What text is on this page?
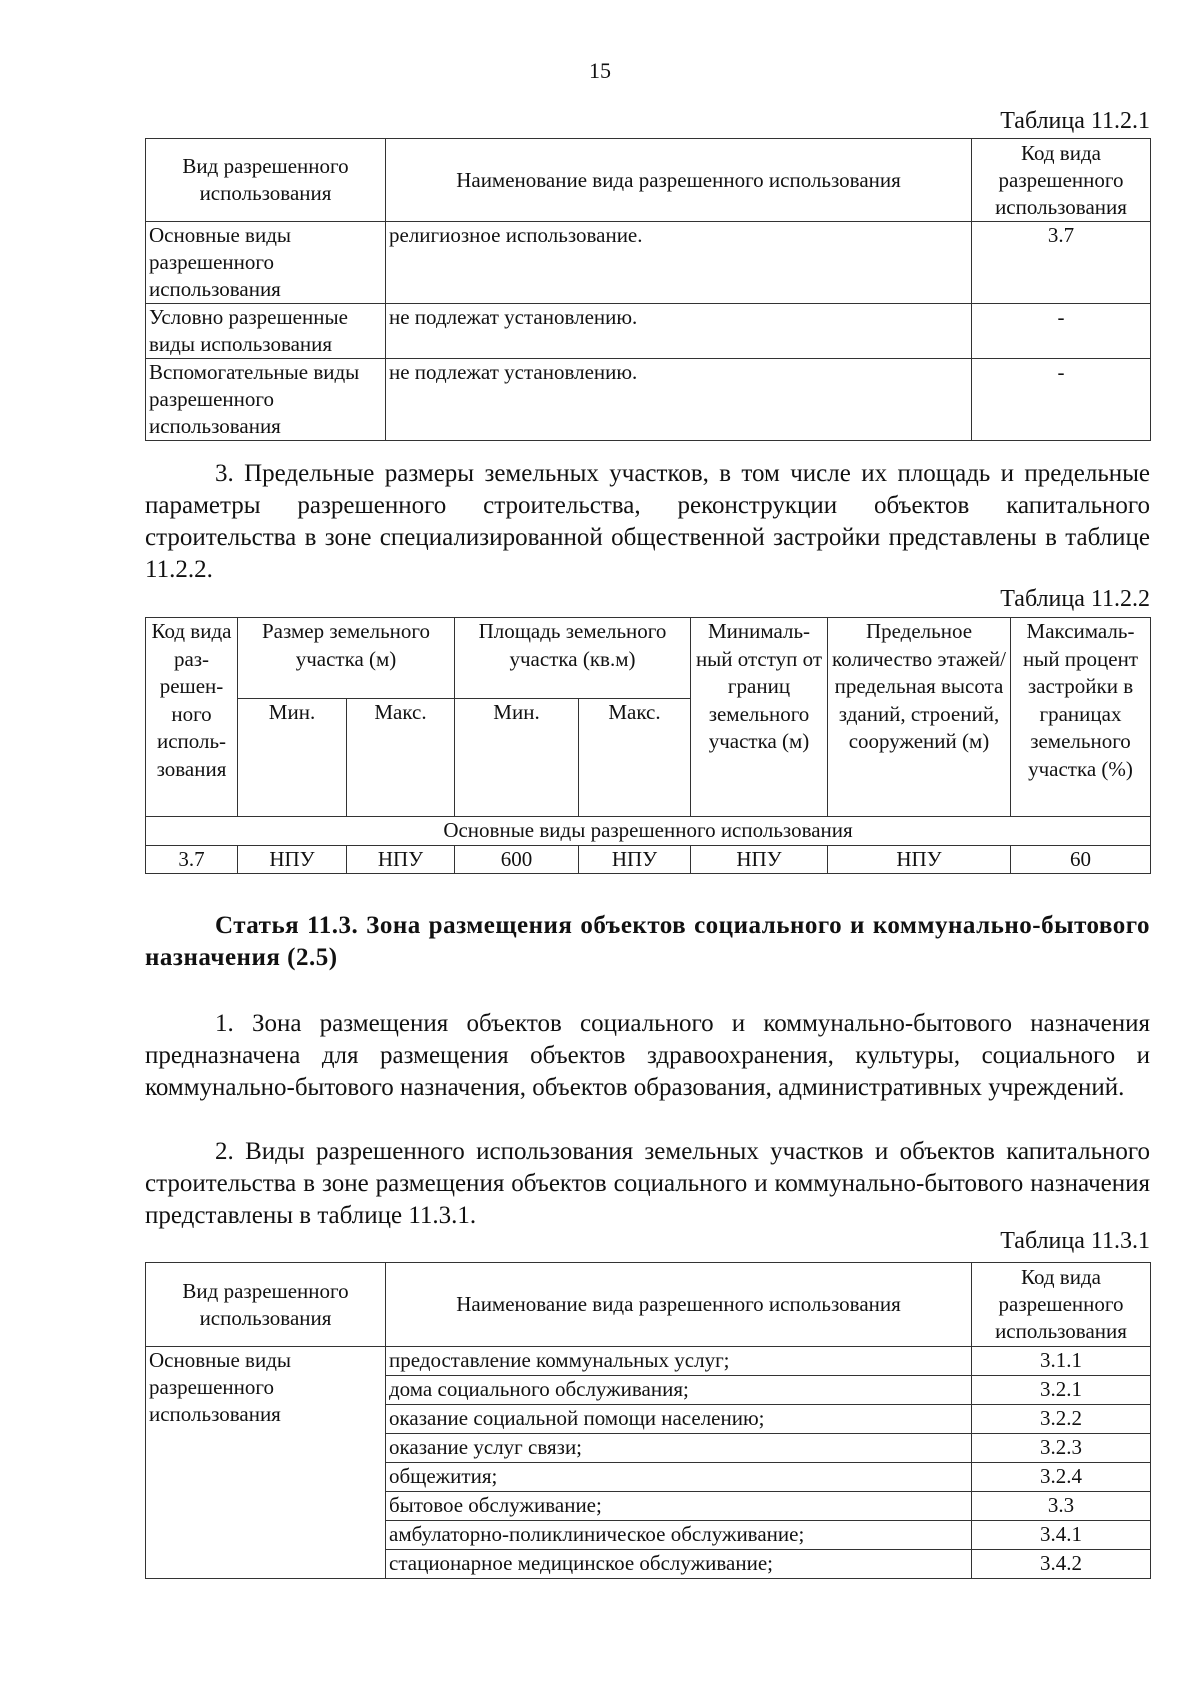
15
Таблица 11.2.1
Вид разрешенного использования	Наименование вида разрешенного использования	Код вида разрешенного использования
Основные виды разрешенного использования	религиозное использование.	3.7
Условно разрешенные виды использования	не подлежат установлению.	-
Вспомогательные виды разрешенного использования	не подлежат установлению.	-

3. Предельные размеры земельных участков, в том числе их площадь и предельные параметры разрешенного строительства, реконструкции объектов капитального строительства в зоне специализированной общественной застройки представлены в таблице 11.2.2.

Таблица 11.2.2
Код вида раз-решен-ного исполь-зования	Размер земельного участка (м)		Площадь земельного участка (кв.м)		Минималь-ный отступ от границ земельного участка (м)	Предельное количество этажей/ предельная высота зданий, строений, сооружений (м)	Максималь-ный процент застройки в границах земельного участка (%)
	Мин.	Макс.	Мин.	Макс.			
Основные виды разрешенного использования							
3.7	НПУ	НПУ	600	НПУ	НПУ	НПУ	60

Статья 11.3. Зона размещения объектов социального и коммунально-бытового назначения (2.5)

1. Зона размещения объектов социального и коммунально-бытового назначения предназначена для размещения объектов здравоохранения, культуры, социального и коммунально-бытового назначения, объектов образования, административных учреждений.

2. Виды разрешенного использования земельных участков и объектов капитального строительства в зоне размещения объектов социального и коммунально-бытового назначения представлены в таблице 11.3.1.

Таблица 11.3.1
Вид разрешенного использования	Наименование вида разрешенного использования	Код вида разрешенного использования
Основные виды разрешенного использования	предоставление коммунальных услуг;	3.1.1
	дома социального обслуживания;	3.2.1
	оказание социальной помощи населению;	3.2.2
	оказание услуг связи;	3.2.3
	общежития;	3.2.4
	бытовое обслуживание;	3.3
	амбулаторно-поликлиническое обслуживание;	3.4.1
	стационарное медицинское обслуживание;	3.4.2
